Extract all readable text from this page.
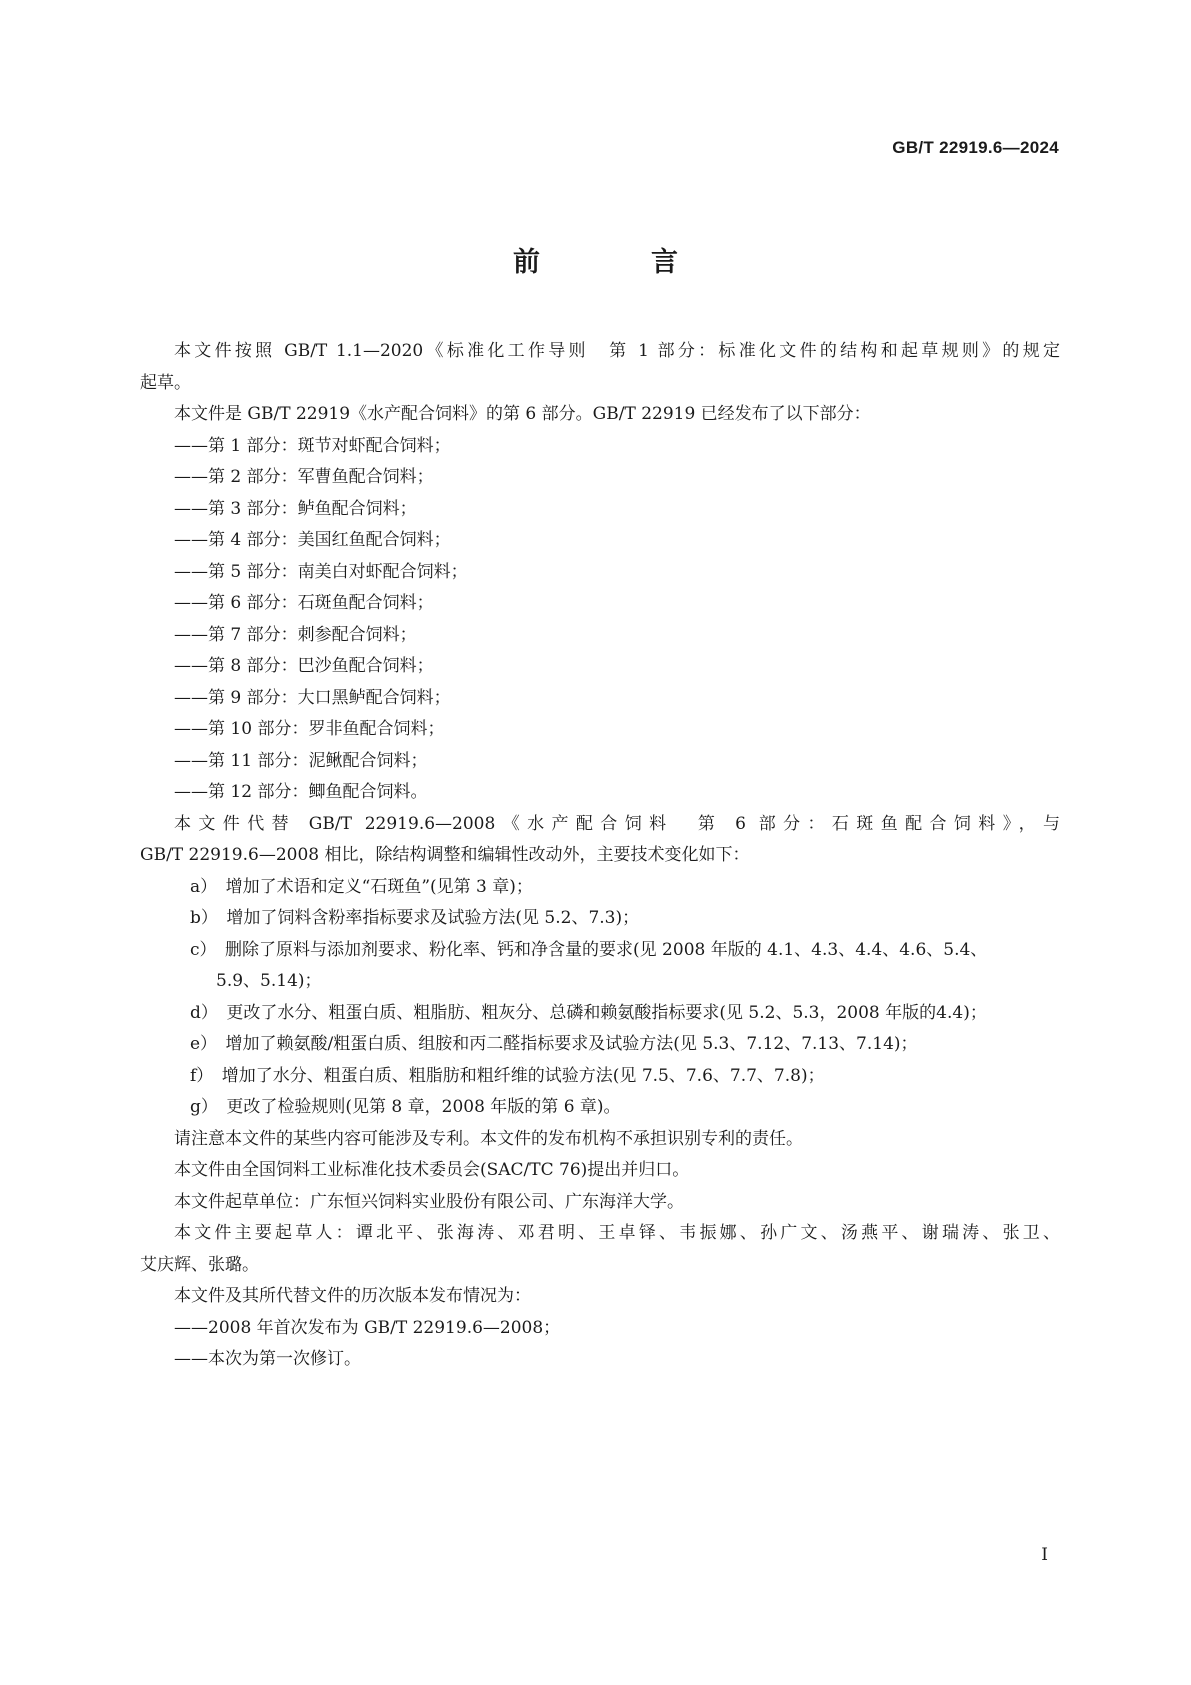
GB/T 22919.6—2024
前　言
本文件按照 GB/T 1.1—2020《标准化工作导则　第 1 部分：标准化文件的结构和起草规则》的规定
起草。
本文件是 GB/T 22919《水产配合饲料》的第 6 部分。GB/T 22919 已经发布了以下部分：
——第 1 部分：斑节对虾配合饲料；
——第 2 部分：军曹鱼配合饲料；
——第 3 部分：鲈鱼配合饲料；
——第 4 部分：美国红鱼配合饲料；
——第 5 部分：南美白对虾配合饲料；
——第 6 部分：石斑鱼配合饲料；
——第 7 部分：刺参配合饲料；
——第 8 部分：巴沙鱼配合饲料；
——第 9 部分：大口黑鲈配合饲料；
——第 10 部分：罗非鱼配合饲料；
——第 11 部分：泥鳅配合饲料；
——第 12 部分：鲫鱼配合饲料。
本文件代替 GB/T 22919.6—2008《水产配合饲料　第 6 部分：石斑鱼配合饲料》，与
GB/T 22919.6—2008 相比，除结构调整和编辑性改动外，主要技术变化如下：
a）　增加了术语和定义“石斑鱼”(见第 3 章)；
b）　增加了饲料含粉率指标要求及试验方法(见 5.2、7.3)；
c）　删除了原料与添加剂要求、粉化率、钙和净含量的要求(见 2008 年版的 4.1、4.3、4.4、4.6、5.4、
5.9、5.14)；
d）　更改了水分、粗蛋白质、粗脂肪、粗灰分、总磷和赖氨酸指标要求(见 5.2、5.3，2008 年版的4.4)；
e）　增加了赖氨酸/粗蛋白质、组胺和丙二醛指标要求及试验方法(见 5.3、7.12、7.13、7.14)；
f）　增加了水分、粗蛋白质、粗脂肪和粗纤维的试验方法(见 7.5、7.6、7.7、7.8)；
g）　更改了检验规则(见第 8 章，2008 年版的第 6 章)。
请注意本文件的某些内容可能涉及专利。本文件的发布机构不承担识别专利的责任。
本文件由全国饲料工业标准化技术委员会(SAC/TC 76)提出并归口。
本文件起草单位：广东恒兴饲料实业股份有限公司、广东海洋大学。
本文件主要起草人：谭北平、张海涛、邓君明、王卓铎、韦振娜、孙广文、汤燕平、谢瑞涛、张卫、
艾庆辉、张璐。
本文件及其所代替文件的历次版本发布情况为：
——2008 年首次发布为 GB/T 22919.6—2008；
——本次为第一次修订。
I
